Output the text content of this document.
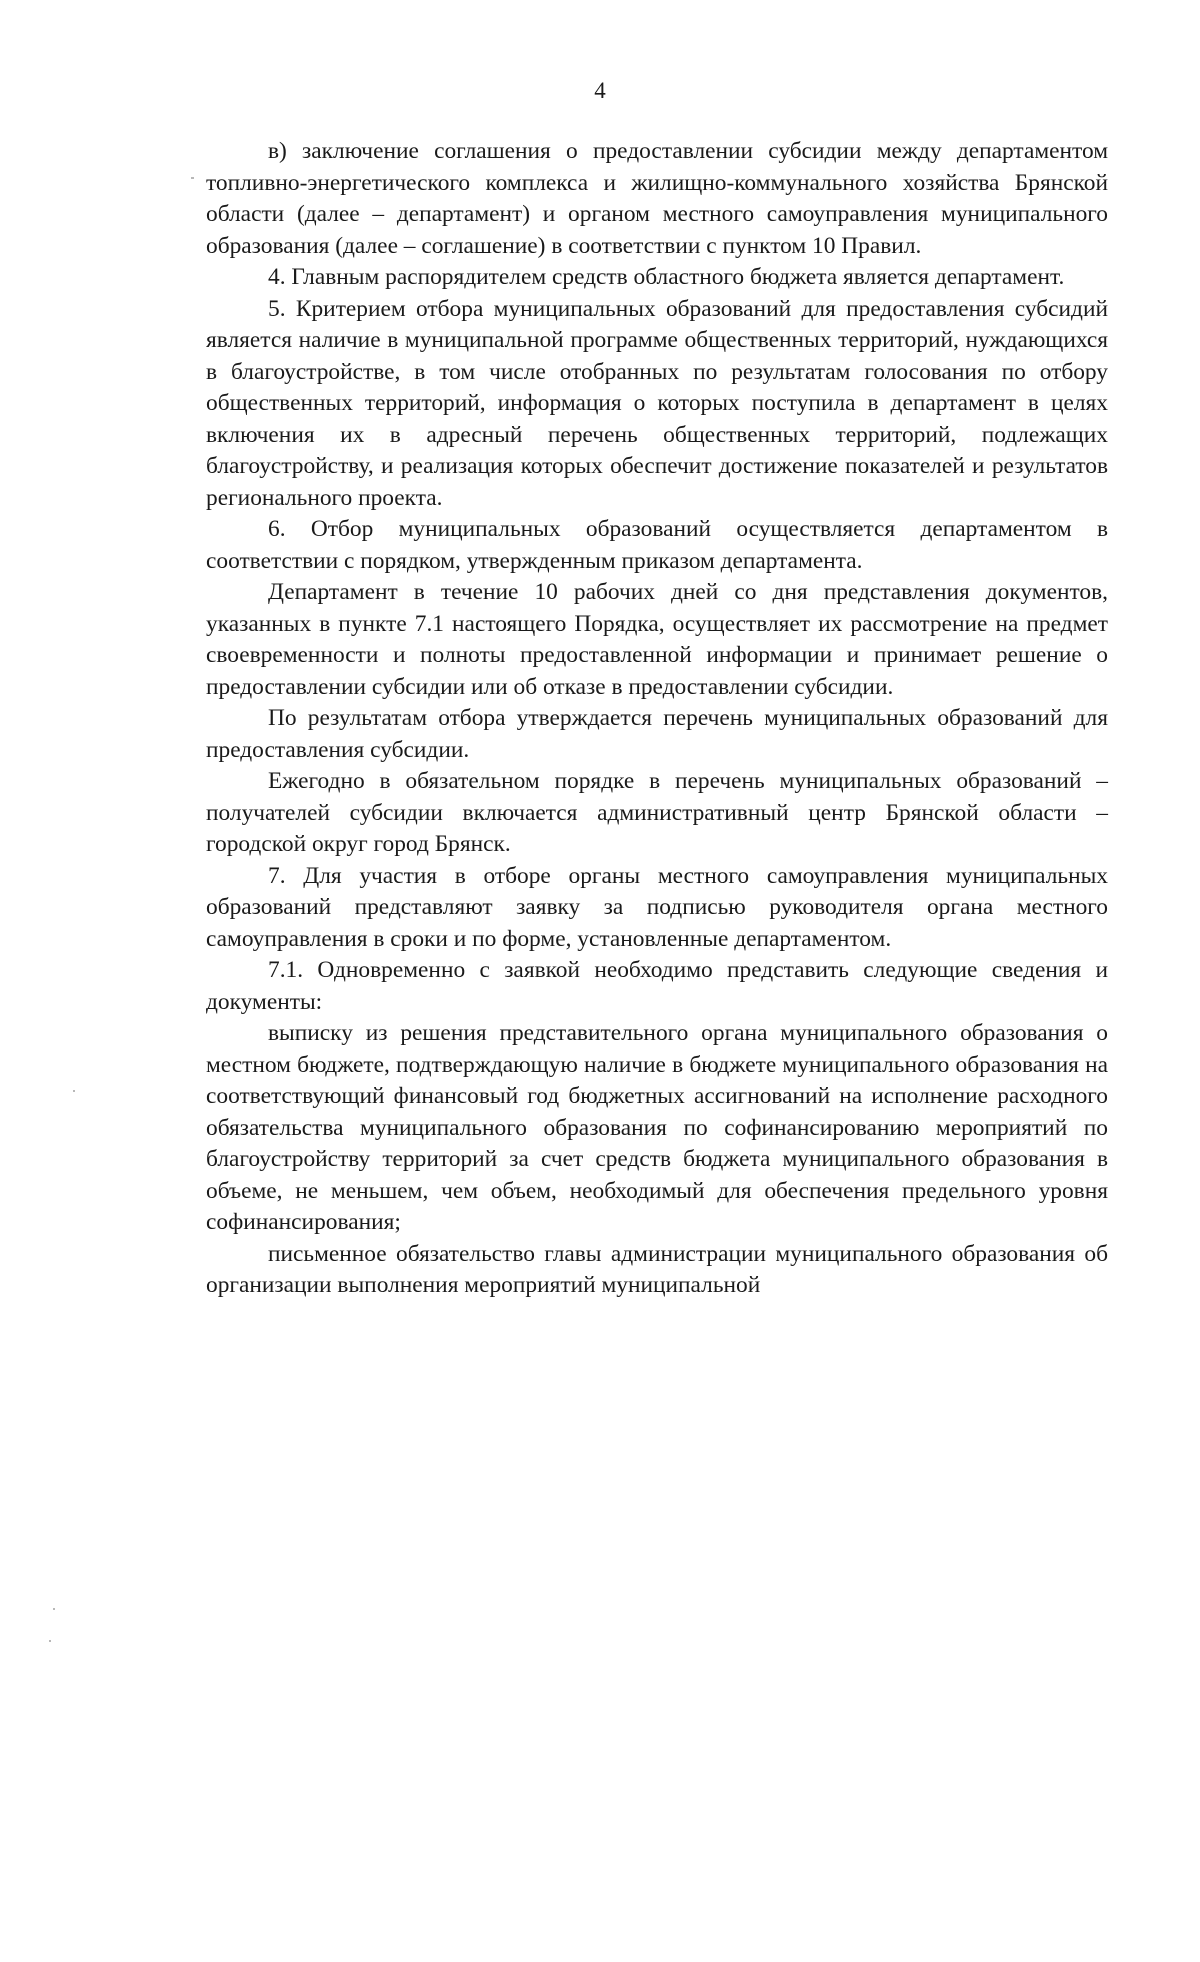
4

в) заключение соглашения о предоставлении субсидии между департаментом топливно-энергетического комплекса и жилищно-коммунального хозяйства Брянской области (далее – департамент) и органом местного самоуправления муниципального образования (далее – соглашение) в соответствии с пунктом 10 Правил.

4. Главным распорядителем средств областного бюджета является департамент.

5. Критерием отбора муниципальных образований для предоставления субсидий является наличие в муниципальной программе общественных территорий, нуждающихся в благоустройстве, в том числе отобранных по результатам голосования по отбору общественных территорий, информация о которых поступила в департамент в целях включения их в адресный перечень общественных территорий, подлежащих благоустройству, и реализация которых обеспечит достижение показателей и результатов регионального проекта.

6. Отбор муниципальных образований осуществляется департаментом в соответствии с порядком, утвержденным приказом департамента.

Департамент в течение 10 рабочих дней со дня представления документов, указанных в пункте 7.1 настоящего Порядка, осуществляет их рассмотрение на предмет своевременности и полноты предоставленной информации и принимает решение о предоставлении субсидии или об отказе в предоставлении субсидии.

По результатам отбора утверждается перечень муниципальных образований для предоставления субсидии.

Ежегодно в обязательном порядке в перечень муниципальных образований – получателей субсидии включается административный центр Брянской области – городской округ город Брянск.

7. Для участия в отборе органы местного самоуправления муниципальных образований представляют заявку за подписью руководителя органа местного самоуправления в сроки и по форме, установленные департаментом.

7.1. Одновременно с заявкой необходимо представить следующие сведения и документы:

выписку из решения представительного органа муниципального образования о местном бюджете, подтверждающую наличие в бюджете муниципального образования на соответствующий финансовый год бюджетных ассигнований на исполнение расходного обязательства муниципального образования по софинансированию мероприятий по благоустройству территорий за счет средств бюджета муниципального образования в объеме, не меньшем, чем объем, необходимый для обеспечения предельного уровня софинансирования;

письменное обязательство главы администрации муниципального образования об организации выполнения мероприятий муниципальной
